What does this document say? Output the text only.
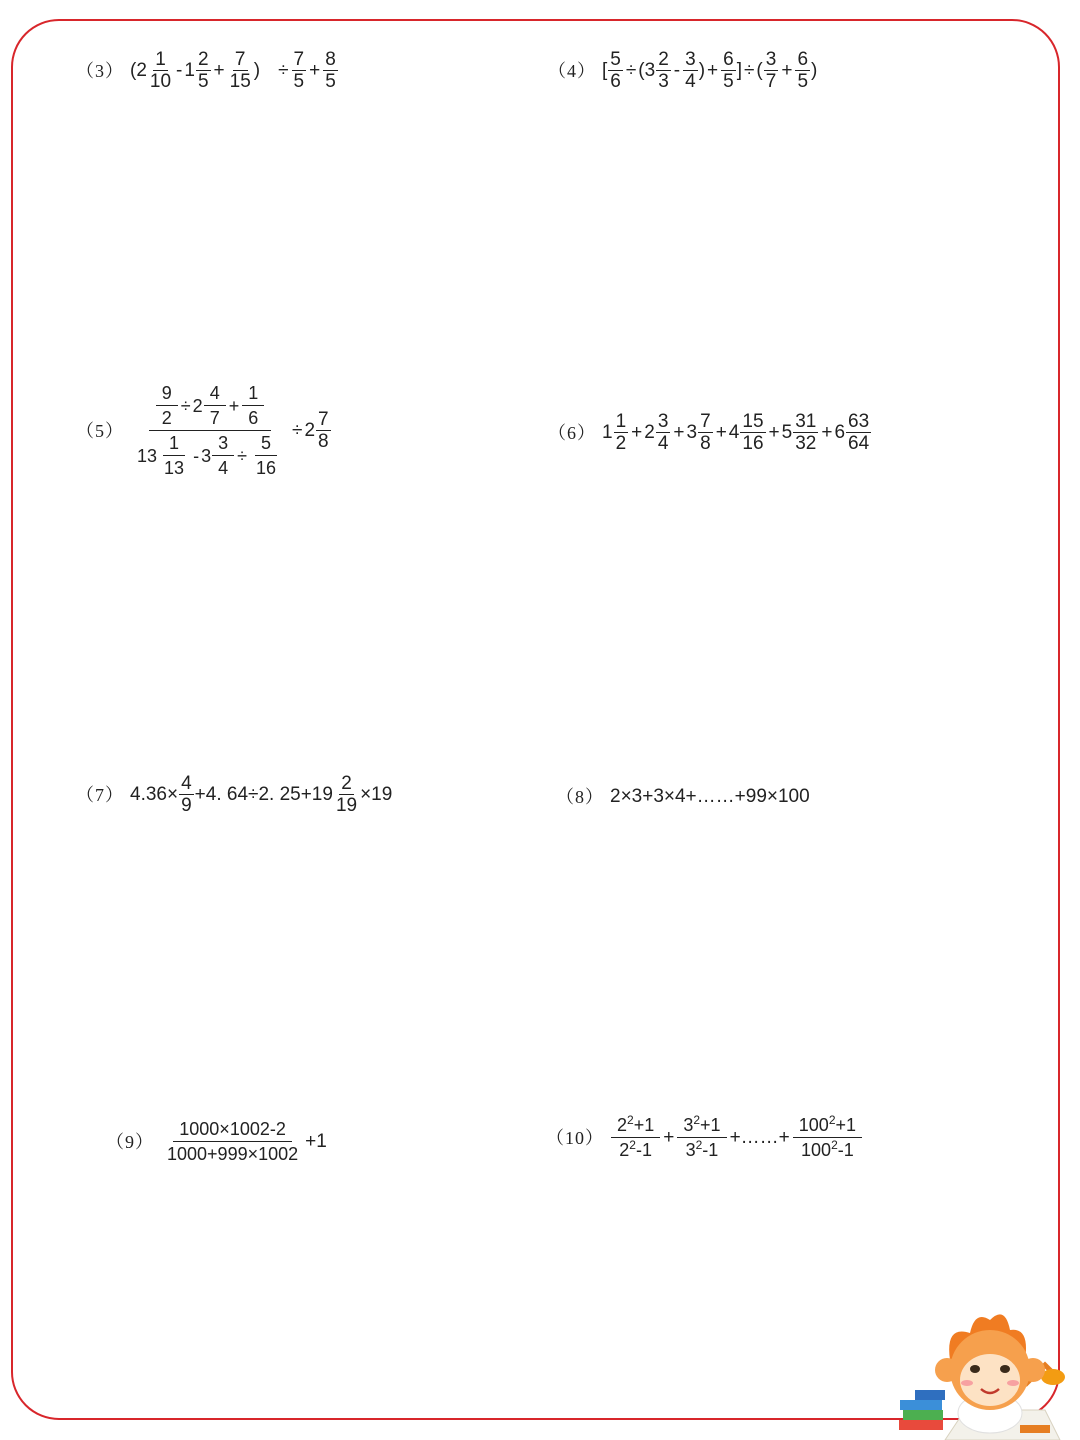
（3） ($2 \frac{1}{10} - 1 \frac{2}{5} + \frac{7}{15}$ ) ÷ $\frac{7}{5} + \frac{8}{5}$	（4） [ $\frac{5}{6} \div (3 \frac{2}{3} - \frac{3}{4}$ ) + $\frac{6}{5}$ ] ÷ ( $\frac{3}{7} + \frac{6}{5}$ )
$(5) \frac{\frac{9}{2} \div 2 \frac{4}{7} + \frac{1}{6}}{13 \frac{1}{13} - 3 \frac{3}{4} \div \frac{5}{16}} \div 2 \frac{7}{8}$	（6） $1 \frac{1}{2} + 2 \frac{3}{4} + 3 \frac{7}{8} + 4 \frac{15}{16} + 5 \frac{31}{32} + 6 \frac{63}{64}$
（7） $4.36\times \frac{4}{9} +4$. 64÷2. $25+19 \frac{2}{19} \times 19$	（8） 2×3+3×4+……+99×100
$(9) \frac{1000\times 1002-2}{1000+999\times 1002} +1$	$(10) \frac{2^2+1}{2^2-1} + \frac{3^2+1}{3^2-1}$ +……+ $\frac{100^2+1}{100^2-1}$
